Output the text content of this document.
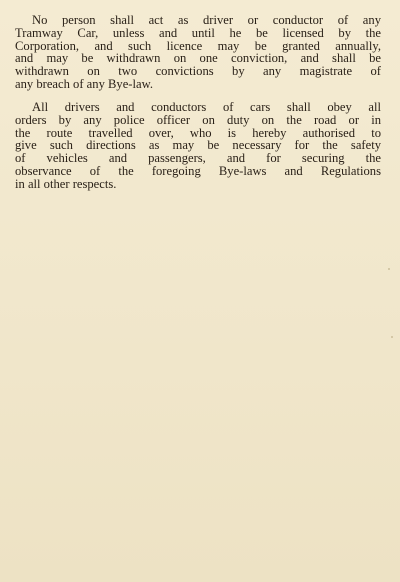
No person shall act as driver or conductor of any
Tramway Car, unless and until he be licensed by the
Corporation, and such licence may be granted annually,
and may be withdrawn on one conviction, and shall be
withdrawn on two convictions by any magistrate of
any breach of any Bye-law.

All drivers and conductors of cars shall obey all
orders by any police officer on duty on the road or in
the route travelled over, who is hereby authorised to
give such directions as may be necessary for the safety
of vehicles and passengers, and for securing the
observance of the foregoing Bye-laws and Regulations
in all other respects.
